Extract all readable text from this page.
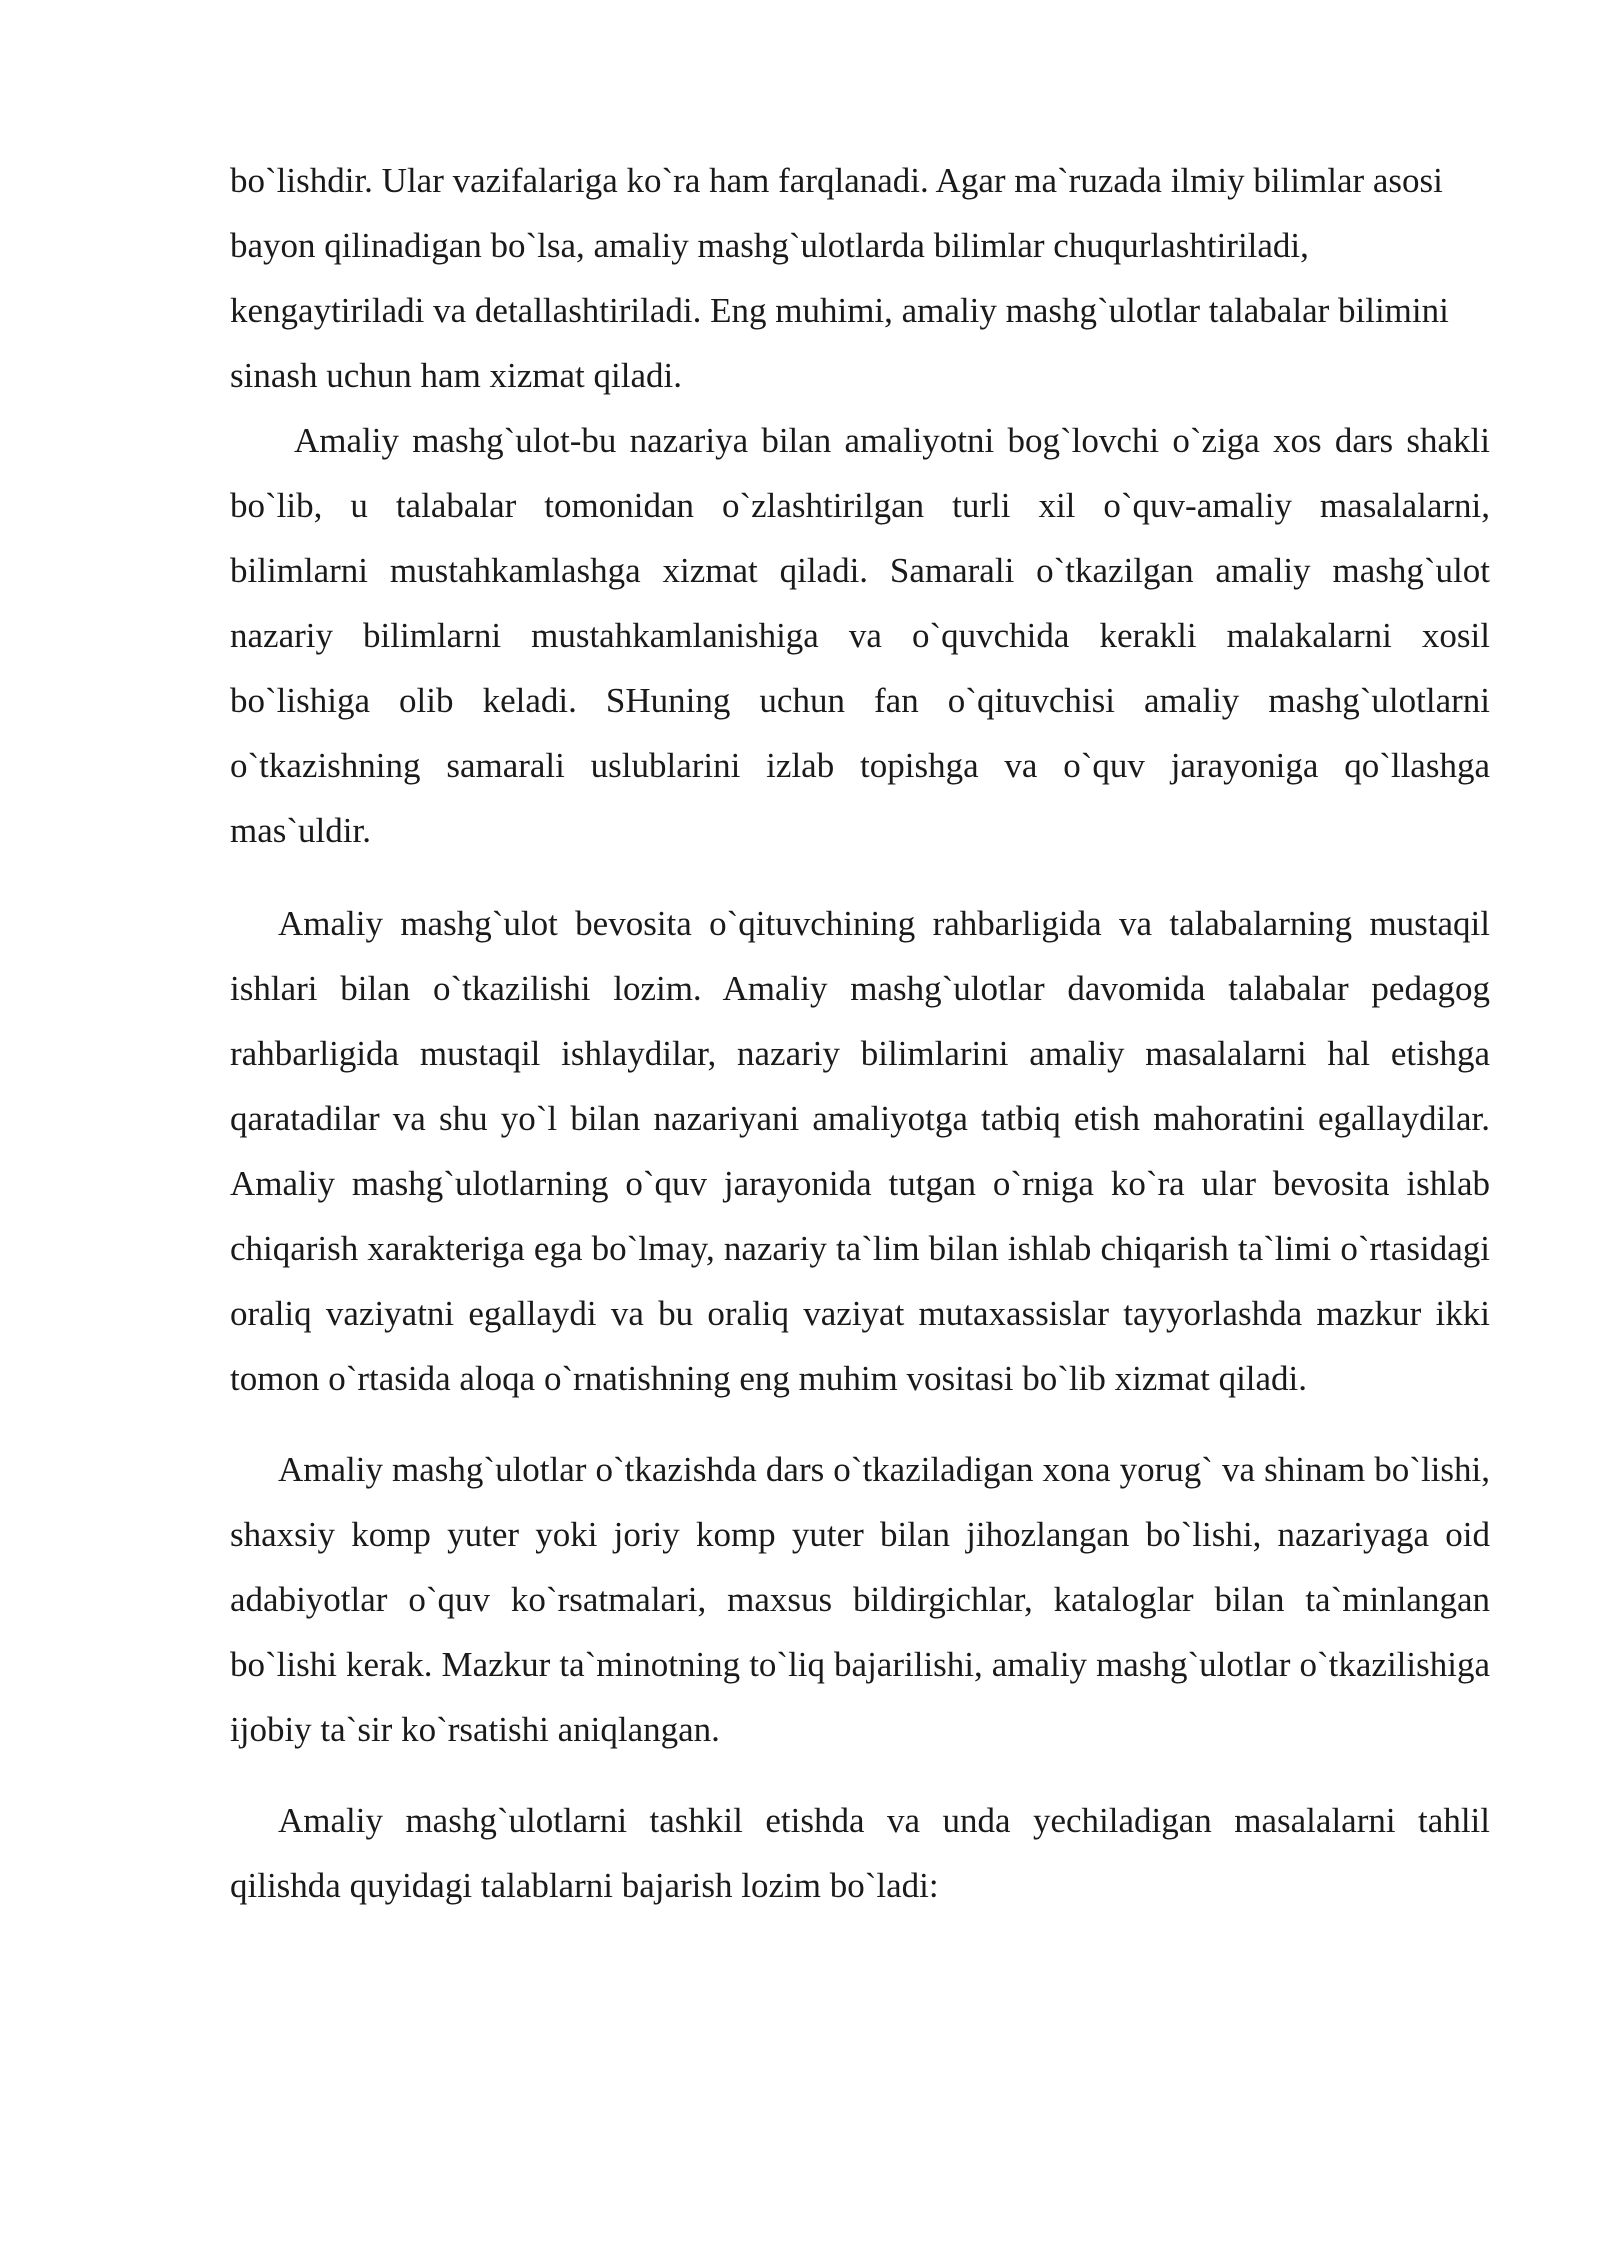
bo`lishdir. Ular vazifalariga ko`ra ham farqlanadi. Agar ma`ruzada ilmiy bilimlar asosi bayon qilinadigan bo`lsa, amaliy mashg`ulotlarda bilimlar chuqurlashtiriladi, kengaytiriladi va detallashtiriladi. Eng muhimi, amaliy mashg`ulotlar talabalar bilimini sinash uchun ham xizmat qiladi.

Amaliy mashg`ulot-bu nazariya bilan amaliyotni bog`lovchi o`ziga xos dars shakli bo`lib, u talabalar tomonidan o`zlashtirilgan turli xil o`quv-amaliy masalalarni, bilimlarni mustahkamlashga xizmat qiladi. Samarali o`tkazilgan amaliy mashg`ulot nazariy bilimlarni mustahkamlanishiga va o`quvchida kerakli malakalarni xosil bo`lishiga olib keladi. SHuning uchun fan o`qituvchisi amaliy mashg`ulotlarni o`tkazishning samarali uslublarini izlab topishga va o`quv jarayoniga qo`llashga mas`uldir.

Amaliy mashg`ulot bevosita o`qituvchining rahbarligida va talabalarning mustaqil ishlari bilan o`tkazilishi lozim. Amaliy mashg`ulotlar davomida talabalar pedagog rahbarligida mustaqil ishlaydilar, nazariy bilimlarini amaliy masalalarni hal etishga qaratadilar va shu yo`l bilan nazariyani amaliyotga tatbiq etish mahoratini egallaydilar. Amaliy mashg`ulotlarning o`quv jarayonida tutgan o`rniga ko`ra ular bevosita ishlab chiqarish xarakteriga ega bo`lmay, nazariy ta`lim bilan ishlab chiqarish ta`limi o`rtasidagi oraliq vaziyatni egallaydi va bu oraliq vaziyat mutaxassislar tayyorlashda mazkur ikki tomon o`rtasida aloqa o`rnatishning eng muhim vositasi bo`lib xizmat qiladi.

Amaliy mashg`ulotlar o`tkazishda dars o`tkaziladigan xona yorug` va shinam bo`lishi, shaxsiy komp yuter yoki joriy komp yuter bilan jihozlangan bo`lishi, nazariyaga oid adabiyotlar o`quv ko`rsatmalari, maxsus bildirgichlar, kataloglar bilan ta`minlangan bo`lishi kerak. Mazkur ta`minotning to`liq bajarilishi, amaliy mashg`ulotlar o`tkazilishiga ijobiy ta`sir ko`rsatishi aniqlangan.

Amaliy mashg`ulotlarni tashkil etishda va unda yechiladigan masalalarni tahlil qilishda quyidagi talablarni bajarish lozim bo`ladi:
